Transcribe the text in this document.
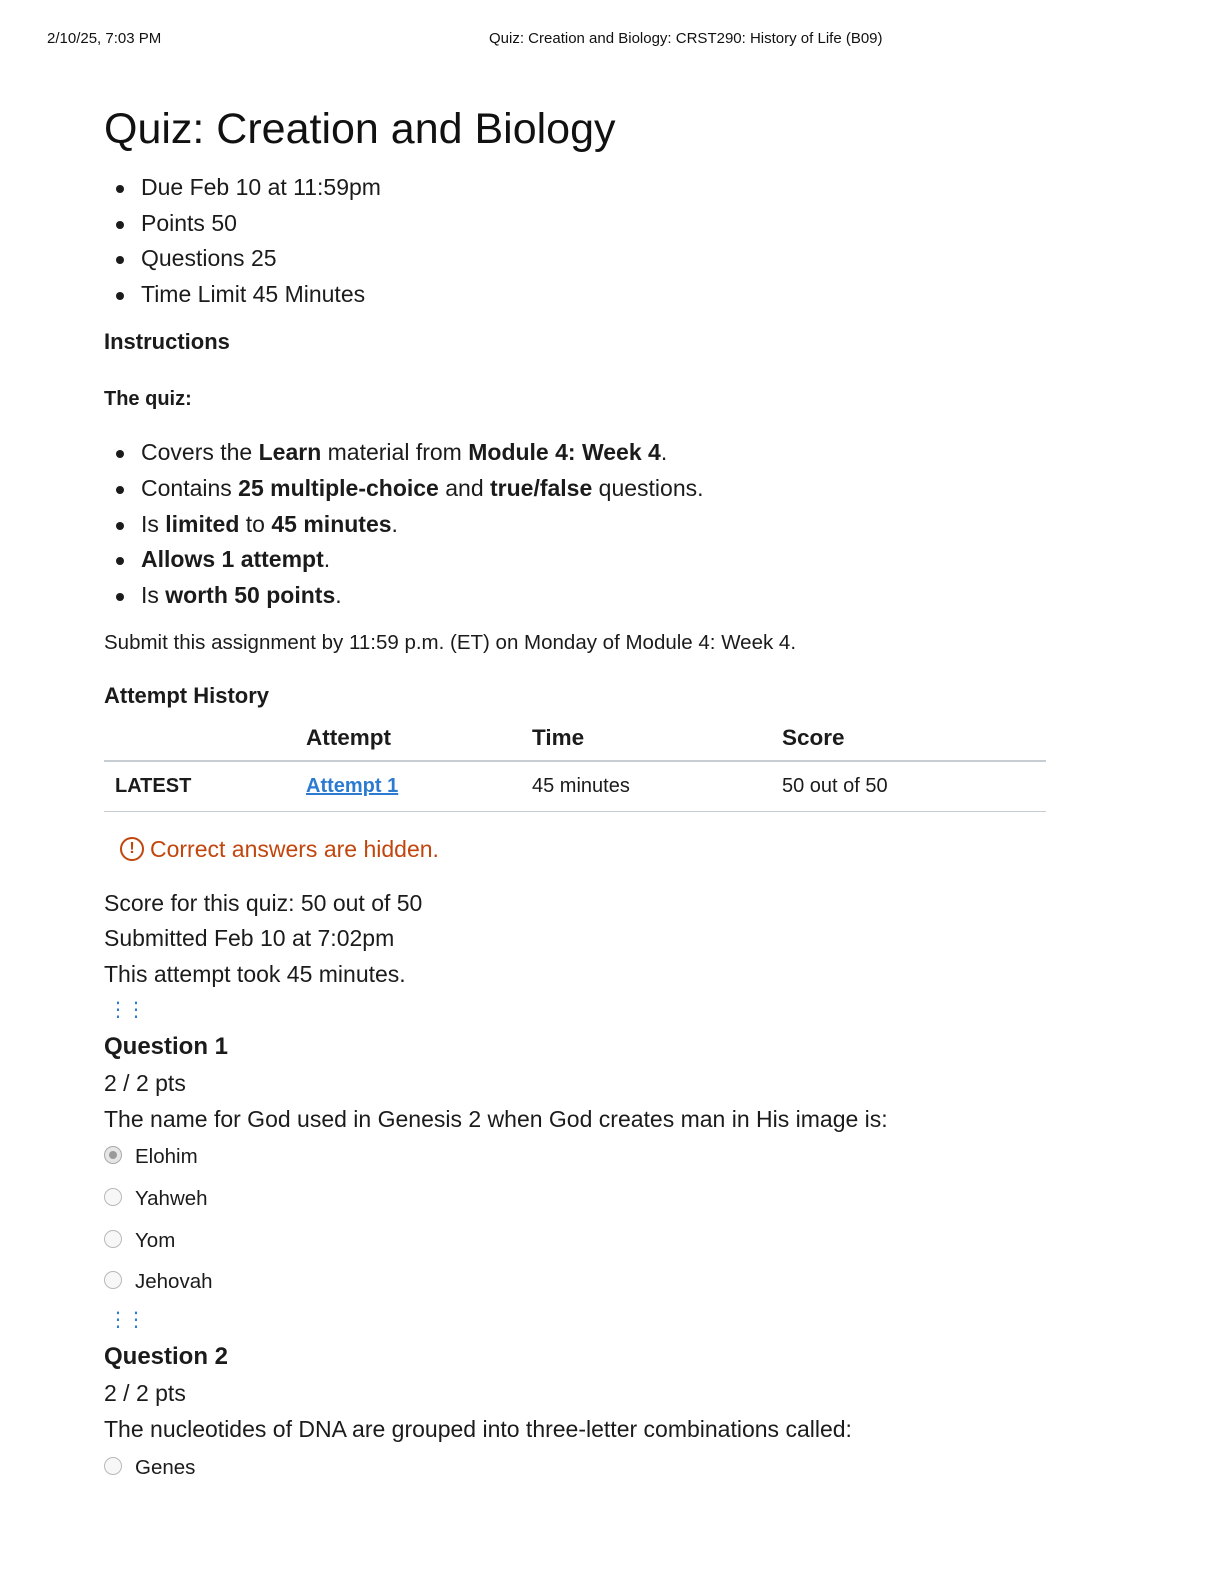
2/10/25, 7:03 PM	Quiz: Creation and Biology: CRST290: History of Life (B09)
Quiz: Creation and Biology
Due Feb 10 at 11:59pm
Points 50
Questions 25
Time Limit 45 Minutes
Instructions
The quiz:
Covers the Learn material from Module 4: Week 4.
Contains 25 multiple-choice and true/false questions.
Is limited to 45 minutes.
Allows 1 attempt.
Is worth 50 points.
Submit this assignment by 11:59 p.m. (ET) on Monday of Module 4: Week 4.
Attempt History
	Attempt	Time	Score
LATEST	Attempt 1	45 minutes	50 out of 50
! Correct answers are hidden.
Score for this quiz: 50 out of 50
Submitted Feb 10 at 7:02pm
This attempt took 45 minutes.
⋮⋮
Question 1
2 / 2 pts
The name for God used in Genesis 2 when God creates man in His image is:
Elohim
Yahweh
Yom
Jehovah
⋮⋮
Question 2
2 / 2 pts
The nucleotides of DNA are grouped into three-letter combinations called:
Genes
